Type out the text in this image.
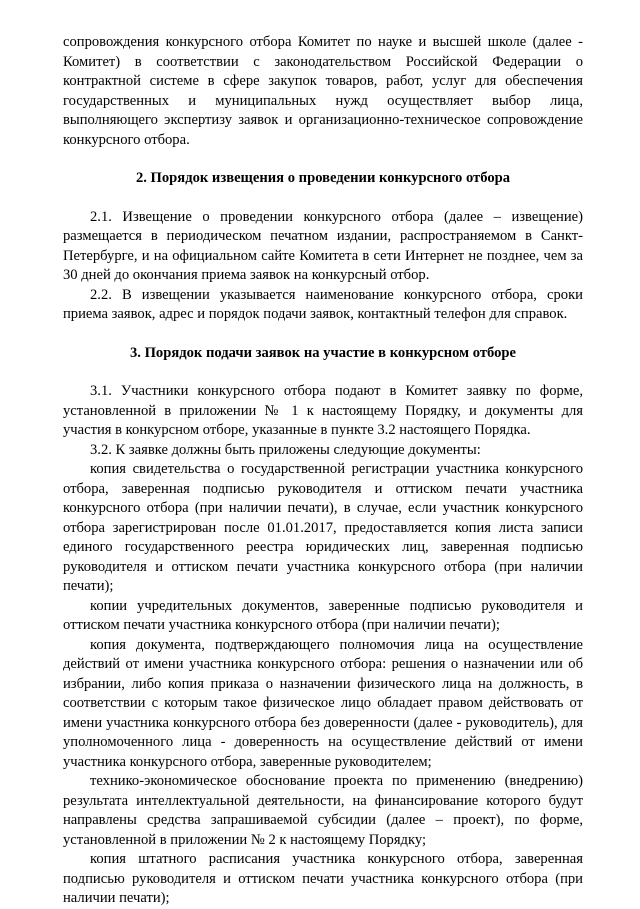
сопровождения конкурсного отбора Комитет по науке и высшей школе (далее - Комитет) в соответствии с законодательством Российской Федерации о контрактной системе в сфере закупок товаров, работ, услуг для обеспечения государственных и муниципальных нужд осуществляет выбор лица, выполняющего экспертизу заявок и организационно-техническое сопровождение конкурсного отбора.

2. Порядок извещения о проведении конкурсного отбора

2.1. Извещение о проведении конкурсного отбора (далее – извещение) размещается в периодическом печатном издании, распространяемом в Санкт-Петербурге, и на официальном сайте Комитета в сети Интернет не позднее, чем за 30 дней до окончания приема заявок на конкурсный отбор.

2.2. В извещении указывается наименование конкурсного отбора, сроки приема заявок, адрес и порядок подачи заявок, контактный телефон для справок.

3. Порядок подачи заявок на участие в конкурсном отборе

3.1. Участники конкурсного отбора подают в Комитет заявку по форме, установленной в приложении № 1 к настоящему Порядку, и документы для участия в конкурсном отборе, указанные в пункте 3.2 настоящего Порядка.

3.2. К заявке должны быть приложены следующие документы:

копия свидетельства о государственной регистрации участника конкурсного отбора, заверенная подписью руководителя и оттиском печати участника конкурсного отбора (при наличии печати), в случае, если участник конкурсного отбора зарегистрирован после 01.01.2017, предоставляется копия листа записи единого государственного реестра юридических лиц, заверенная подписью руководителя и оттиском печати участника конкурсного отбора (при наличии печати);

копии учредительных документов, заверенные подписью руководителя и оттиском печати участника конкурсного отбора (при наличии печати);

копия документа, подтверждающего полномочия лица на осуществление действий от имени участника конкурсного отбора: решения о назначении или об избрании, либо копия приказа о назначении физического лица на должность, в соответствии с которым такое физическое лицо обладает правом действовать от имени участника конкурсного отбора без доверенности (далее - руководитель), для уполномоченного лица - доверенность на осуществление действий от имени участника конкурсного отбора, заверенные руководителем;

технико-экономическое обоснование проекта по применению (внедрению) результата интеллектуальной деятельности, на финансирование которого будут направлены средства запрашиваемой субсидии (далее – проект), по форме, установленной в приложении № 2 к настоящему Порядку;

копия штатного расписания участника конкурсного отбора, заверенная подписью руководителя и оттиском печати участника конкурсного отбора (при наличии печати);
